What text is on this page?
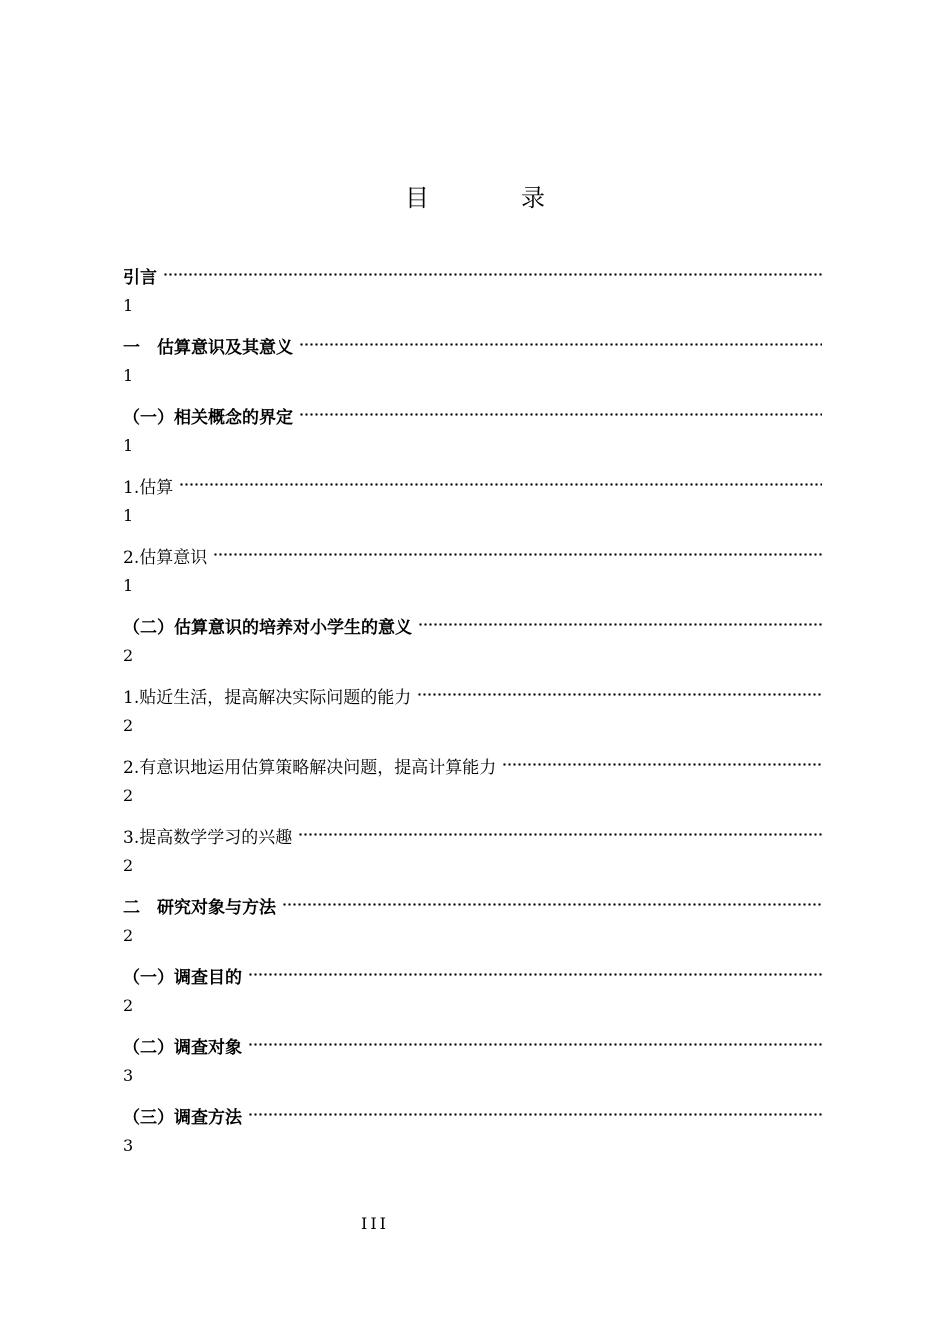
目	录
引言
1
一　估算意识及其意义
1
（一）相关概念的界定
1
1.估算
1
2.估算意识
1
（二）估算意识的培养对小学生的意义
2
1.贴近生活，提高解决实际问题的能力
2
2.有意识地运用估算策略解决问题，提高计算能力
2
3.提高数学学习的兴趣
2
二　研究对象与方法
2
（一）调查目的
2
（二）调查对象
3
（三）调查方法
3
III
